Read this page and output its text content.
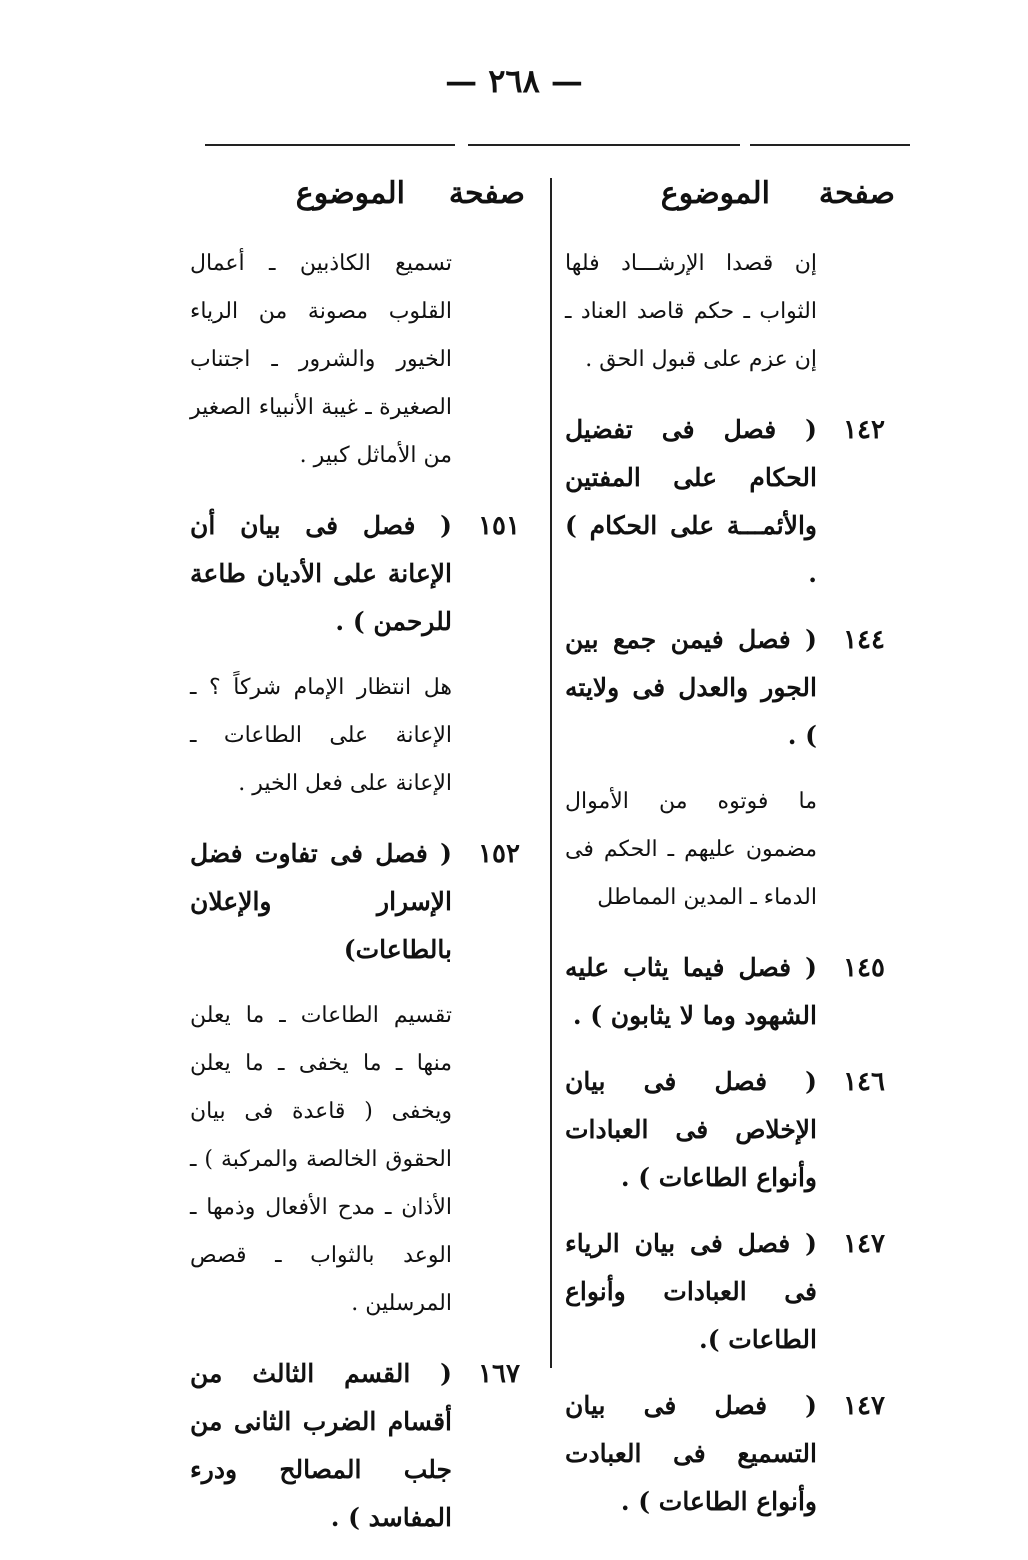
— ٢٦٨ —
صفحة
الموضوع
صفحة
الموضوع
إن قصدا الإرشـــاد فلها الثواب ـ حكم قاصد العناد ـ إن عزم على قبول الحق .
١٤٢
( فصل فى تفضيل الحكام على المفتين والأئمـــة على الحكام ) .
١٤٤
( فصل فيمن جمع بين الجور والعدل فى ولايته ) .
ما فوتوه من الأموال مضمون عليهم ـ الحكم فى الدماء ـ المدين المماطل
١٤٥
( فصل فيما يثاب عليه الشهود وما لا يثابون ) .
١٤٦
( فصل فى بيان الإخلاص فى العبادات وأنواع الطاعات ) .
١٤٧
( فصل فى بيان الرياء فى العبادات وأنواع الطاعات ).
١٤٧
( فصل فى بيان التسميع فى العبادت وأنواع الطاعات ) .
تسميع الكاذبين ـ أعمال القلوب مصونة من الرياء الخيور والشرور ـ اجتناب الصغيرة ـ غيبة الأنبياء الصغير من الأماثل كبير .
١٥١
( فصل فى بيان أن الإعانة على الأديان طاعة للرحمن ) .
هل انتظار الإمام شركاً ؟ ـ الإعانة على الطاعات ـ الإعانة على فعل الخير .
١٥٢
( فصل فى تفاوت فضل الإسرار والإعلان بالطاعات)
تقسيم الطاعات ـ ما يعلن منها ـ ما يخفى ـ ما يعلن ويخفى ( قاعدة فى بيان الحقوق الخالصة والمركبة ) ـ الأذان ـ مدح الأفعال وذمها ـ الوعد بالثواب ـ قصص المرسلين .
١٦٧
( القسم الثالث من أقسام الضرب الثانى من جلب المصالح ودرء المفاسد ) .
